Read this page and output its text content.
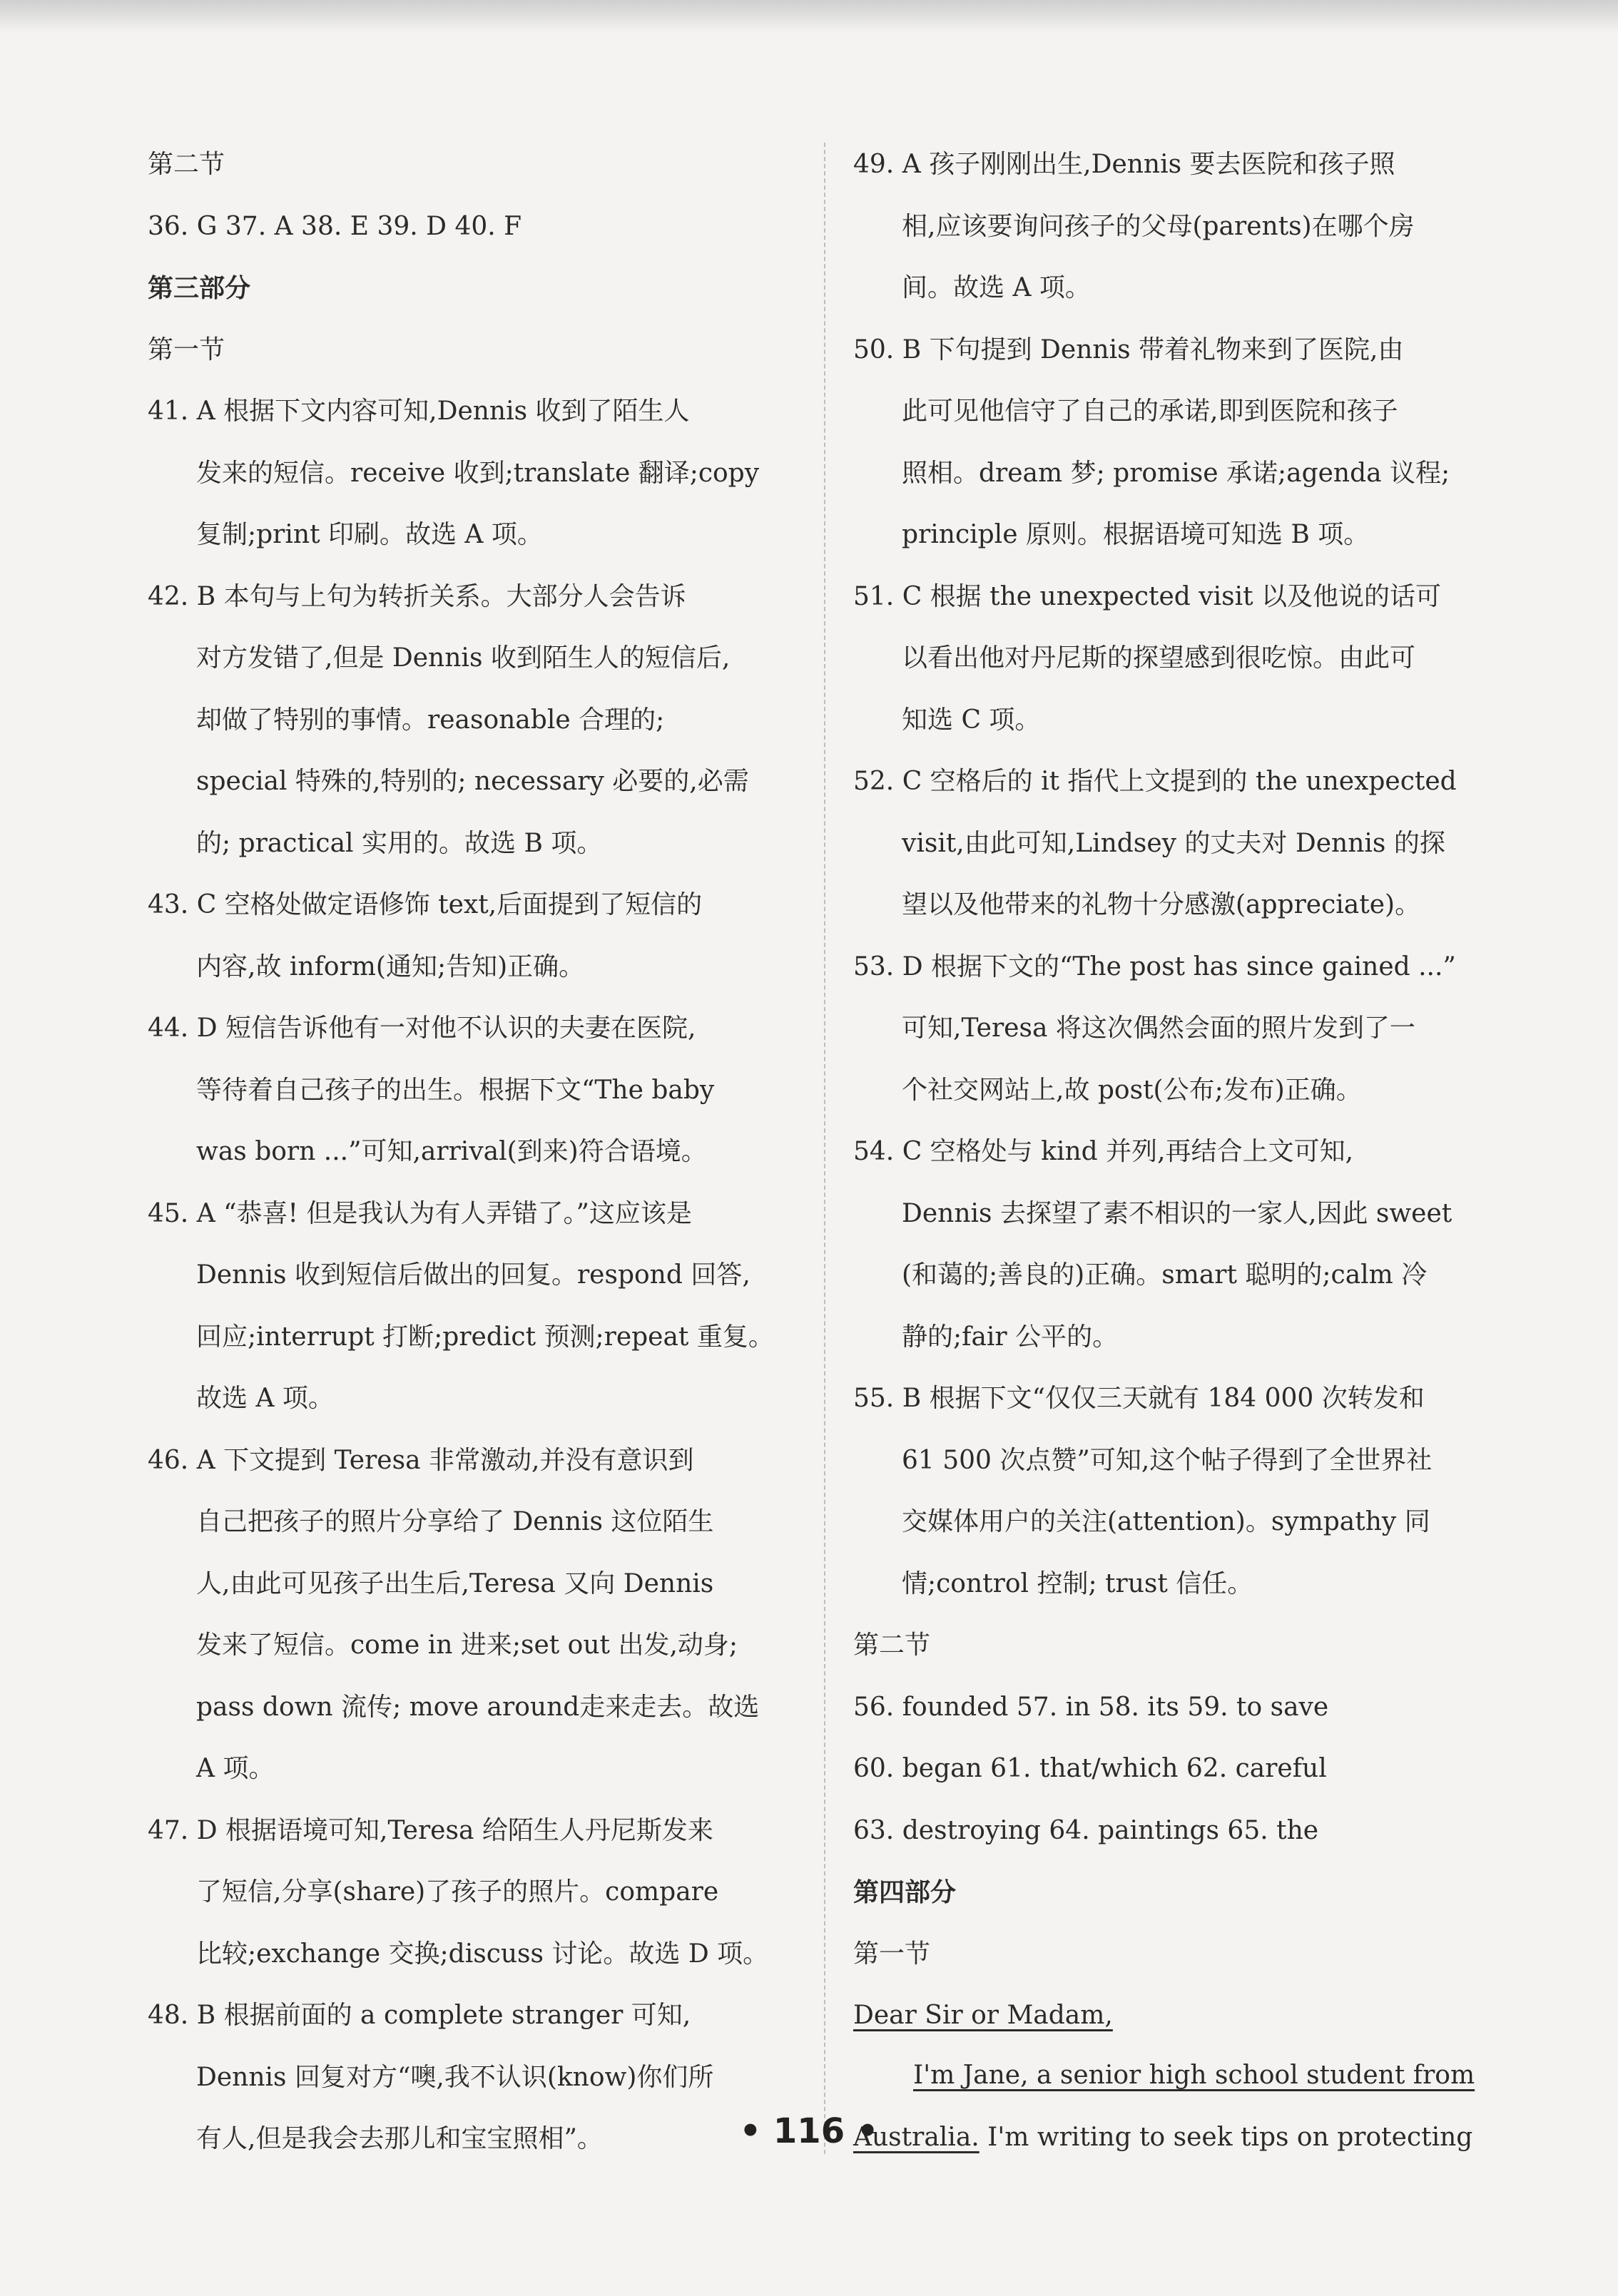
第二节
36. G 37. A 38. E 39. D 40. F
第三部分
第一节
41. A 根据下文内容可知,Dennis 收到了陌生人
发来的短信。receive 收到;translate 翻译;copy
复制;print 印刷。故选 A 项。
42. B 本句与上句为转折关系。大部分人会告诉
对方发错了,但是 Dennis 收到陌生人的短信后,
却做了特别的事情。reasonable 合理的;
special 特殊的,特别的; necessary 必要的,必需
的; practical 实用的。故选 B 项。
43. C 空格处做定语修饰 text,后面提到了短信的
内容,故 inform(通知;告知)正确。
44. D 短信告诉他有一对他不认识的夫妻在医院,
等待着自己孩子的出生。根据下文“The baby
was born ...”可知,arrival(到来)符合语境。
45. A “恭喜! 但是我认为有人弄错了。”这应该是
Dennis 收到短信后做出的回复。respond 回答,
回应;interrupt 打断;predict 预测;repeat 重复。
故选 A 项。
46. A 下文提到 Teresa 非常激动,并没有意识到
自己把孩子的照片分享给了 Dennis 这位陌生
人,由此可见孩子出生后,Teresa 又向 Dennis
发来了短信。come in 进来;set out 出发,动身;
pass down 流传; move around走来走去。故选
A 项。
47. D 根据语境可知,Teresa 给陌生人丹尼斯发来
了短信,分享(share)了孩子的照片。compare
比较;exchange 交换;discuss 讨论。故选 D 项。
48. B 根据前面的 a complete stranger 可知,
Dennis 回复对方“噢,我不认识(know)你们所
有人,但是我会去那儿和宝宝照相”。
49. A 孩子刚刚出生,Dennis 要去医院和孩子照
相,应该要询问孩子的父母(parents)在哪个房
间。故选 A 项。
50. B 下句提到 Dennis 带着礼物来到了医院,由
此可见他信守了自己的承诺,即到医院和孩子
照相。dream 梦; promise 承诺;agenda 议程;
principle 原则。根据语境可知选 B 项。
51. C 根据 the unexpected visit 以及他说的话可
以看出他对丹尼斯的探望感到很吃惊。由此可
知选 C 项。
52. C 空格后的 it 指代上文提到的 the unexpected
visit,由此可知,Lindsey 的丈夫对 Dennis 的探
望以及他带来的礼物十分感激(appreciate)。
53. D 根据下文的“The post has since gained ...”
可知,Teresa 将这次偶然会面的照片发到了一
个社交网站上,故 post(公布;发布)正确。
54. C 空格处与 kind 并列,再结合上文可知,
Dennis 去探望了素不相识的一家人,因此 sweet
(和蔼的;善良的)正确。smart 聪明的;calm 冷
静的;fair 公平的。
55. B 根据下文“仅仅三天就有 184 000 次转发和
61 500 次点赞”可知,这个帖子得到了全世界社
交媒体用户的关注(attention)。sympathy 同
情;control 控制; trust 信任。
第二节
56. founded 57. in 58. its 59. to save
60. began 61. that/which 62. careful
63. destroying 64. paintings 65. the
第四部分
第一节
Dear Sir or Madam,
I'm Jane, a senior high school student from
Australia. I'm writing to seek tips on protecting
• 116 •
